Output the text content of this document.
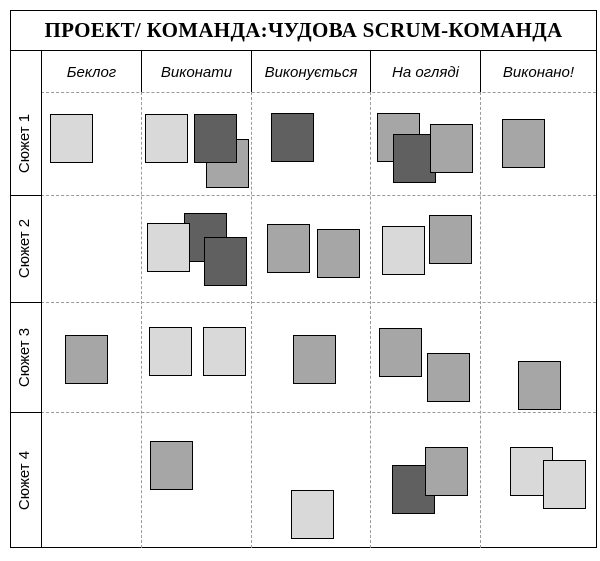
ПРОЕКТ/ КОМАНДА:ЧУДОВА SCRUM-КОМАНДА
Беклог	Виконати	Виконується	На огляді	Виконано!
Сюжет 1
Сюжет 2
Сюжет 3
Сюжет 4
